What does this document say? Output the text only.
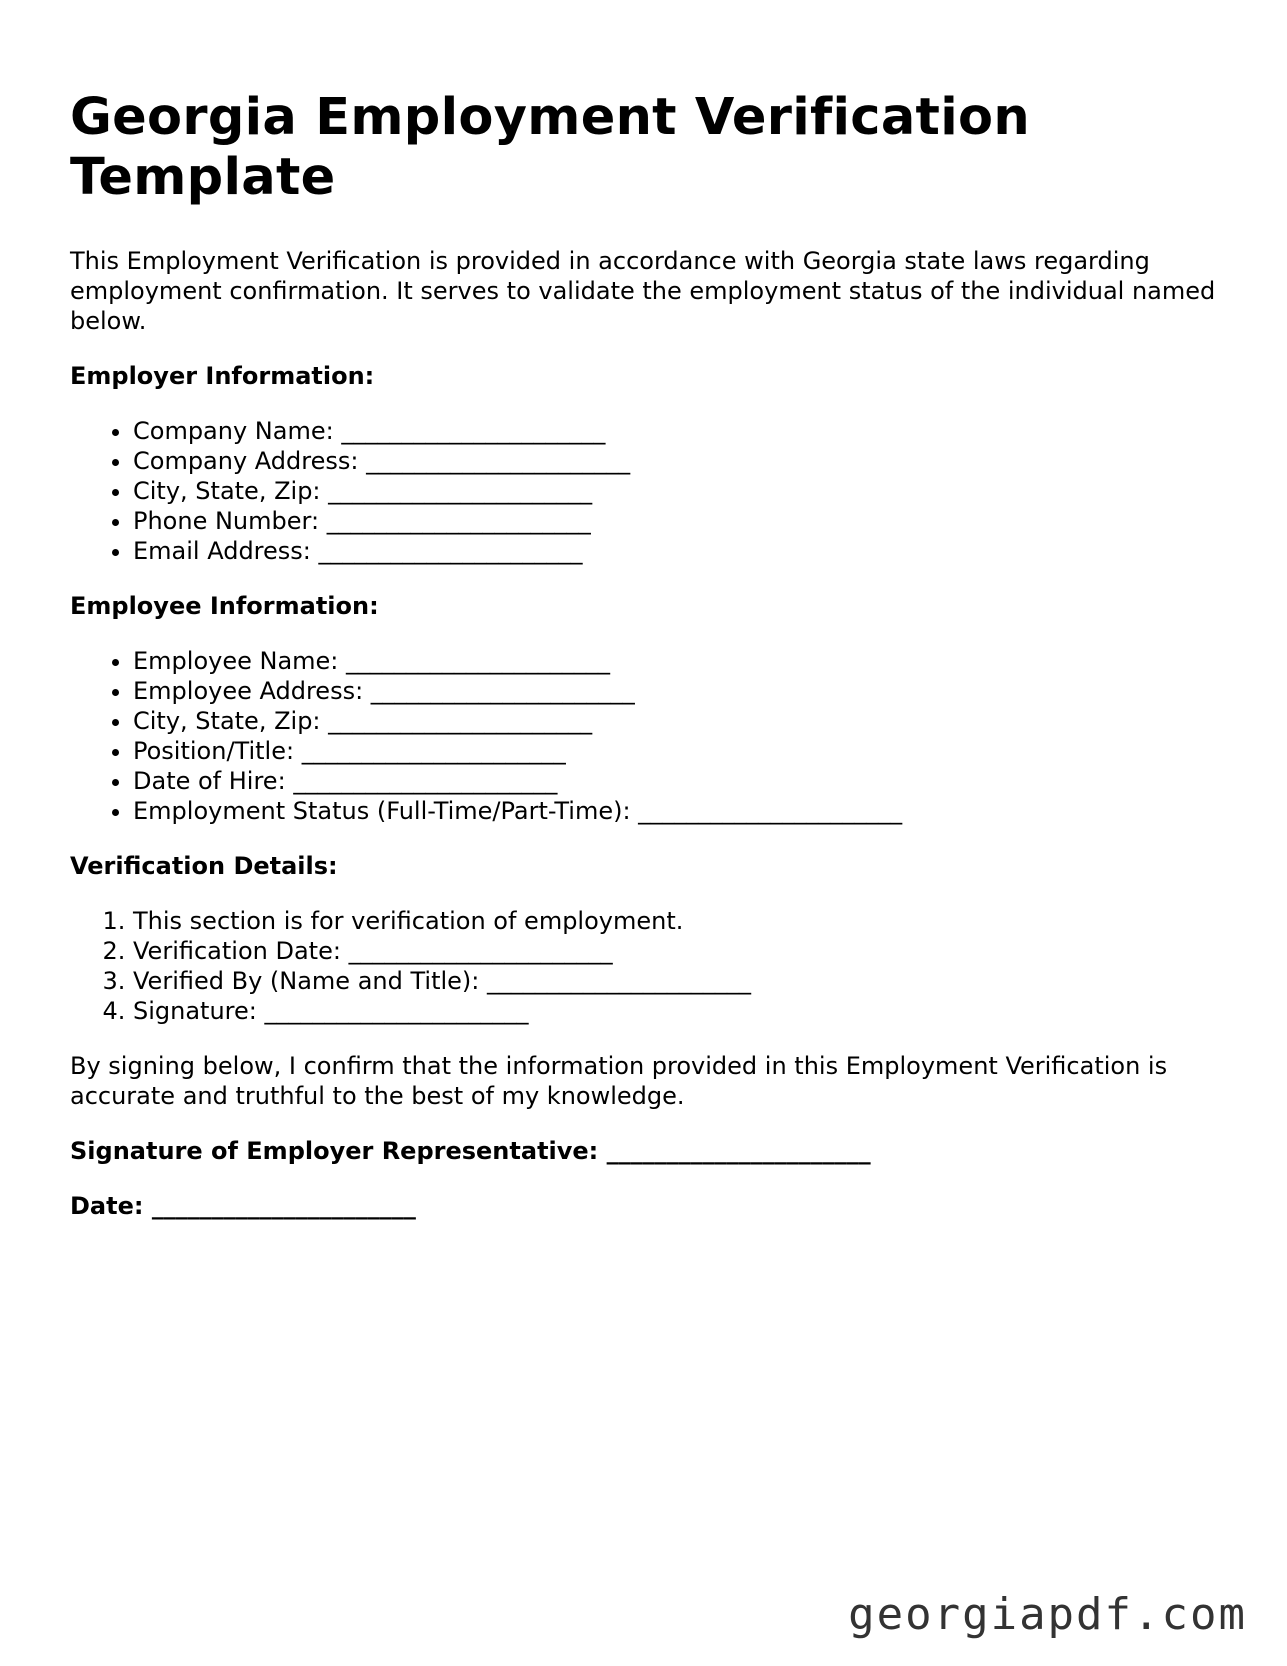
Georgia Employment Verification Template

This Employment Verification is provided in accordance with Georgia state laws regarding employment confirmation. It serves to validate the employment status of the individual named below.

Employer Information:
• Company Name: ______________________
• Company Address: ______________________
• City, State, Zip: ______________________
• Phone Number: ______________________
• Email Address: ______________________
Employee Information:
• Employee Name: ______________________
• Employee Address: ______________________
• City, State, Zip: ______________________
• Position/Title: ______________________
• Date of Hire: ______________________
• Employment Status (Full-Time/Part-Time): ______________________
Verification Details:
1. This section is for verification of employment.
2. Verification Date: ______________________
3. Verified By (Name and Title): ______________________
4. Signature: ______________________

By signing below, I confirm that the information provided in this Employment Verification is accurate and truthful to the best of my knowledge.

Signature of Employer Representative: ______________________
Date: ______________________
georgiapdf.com
